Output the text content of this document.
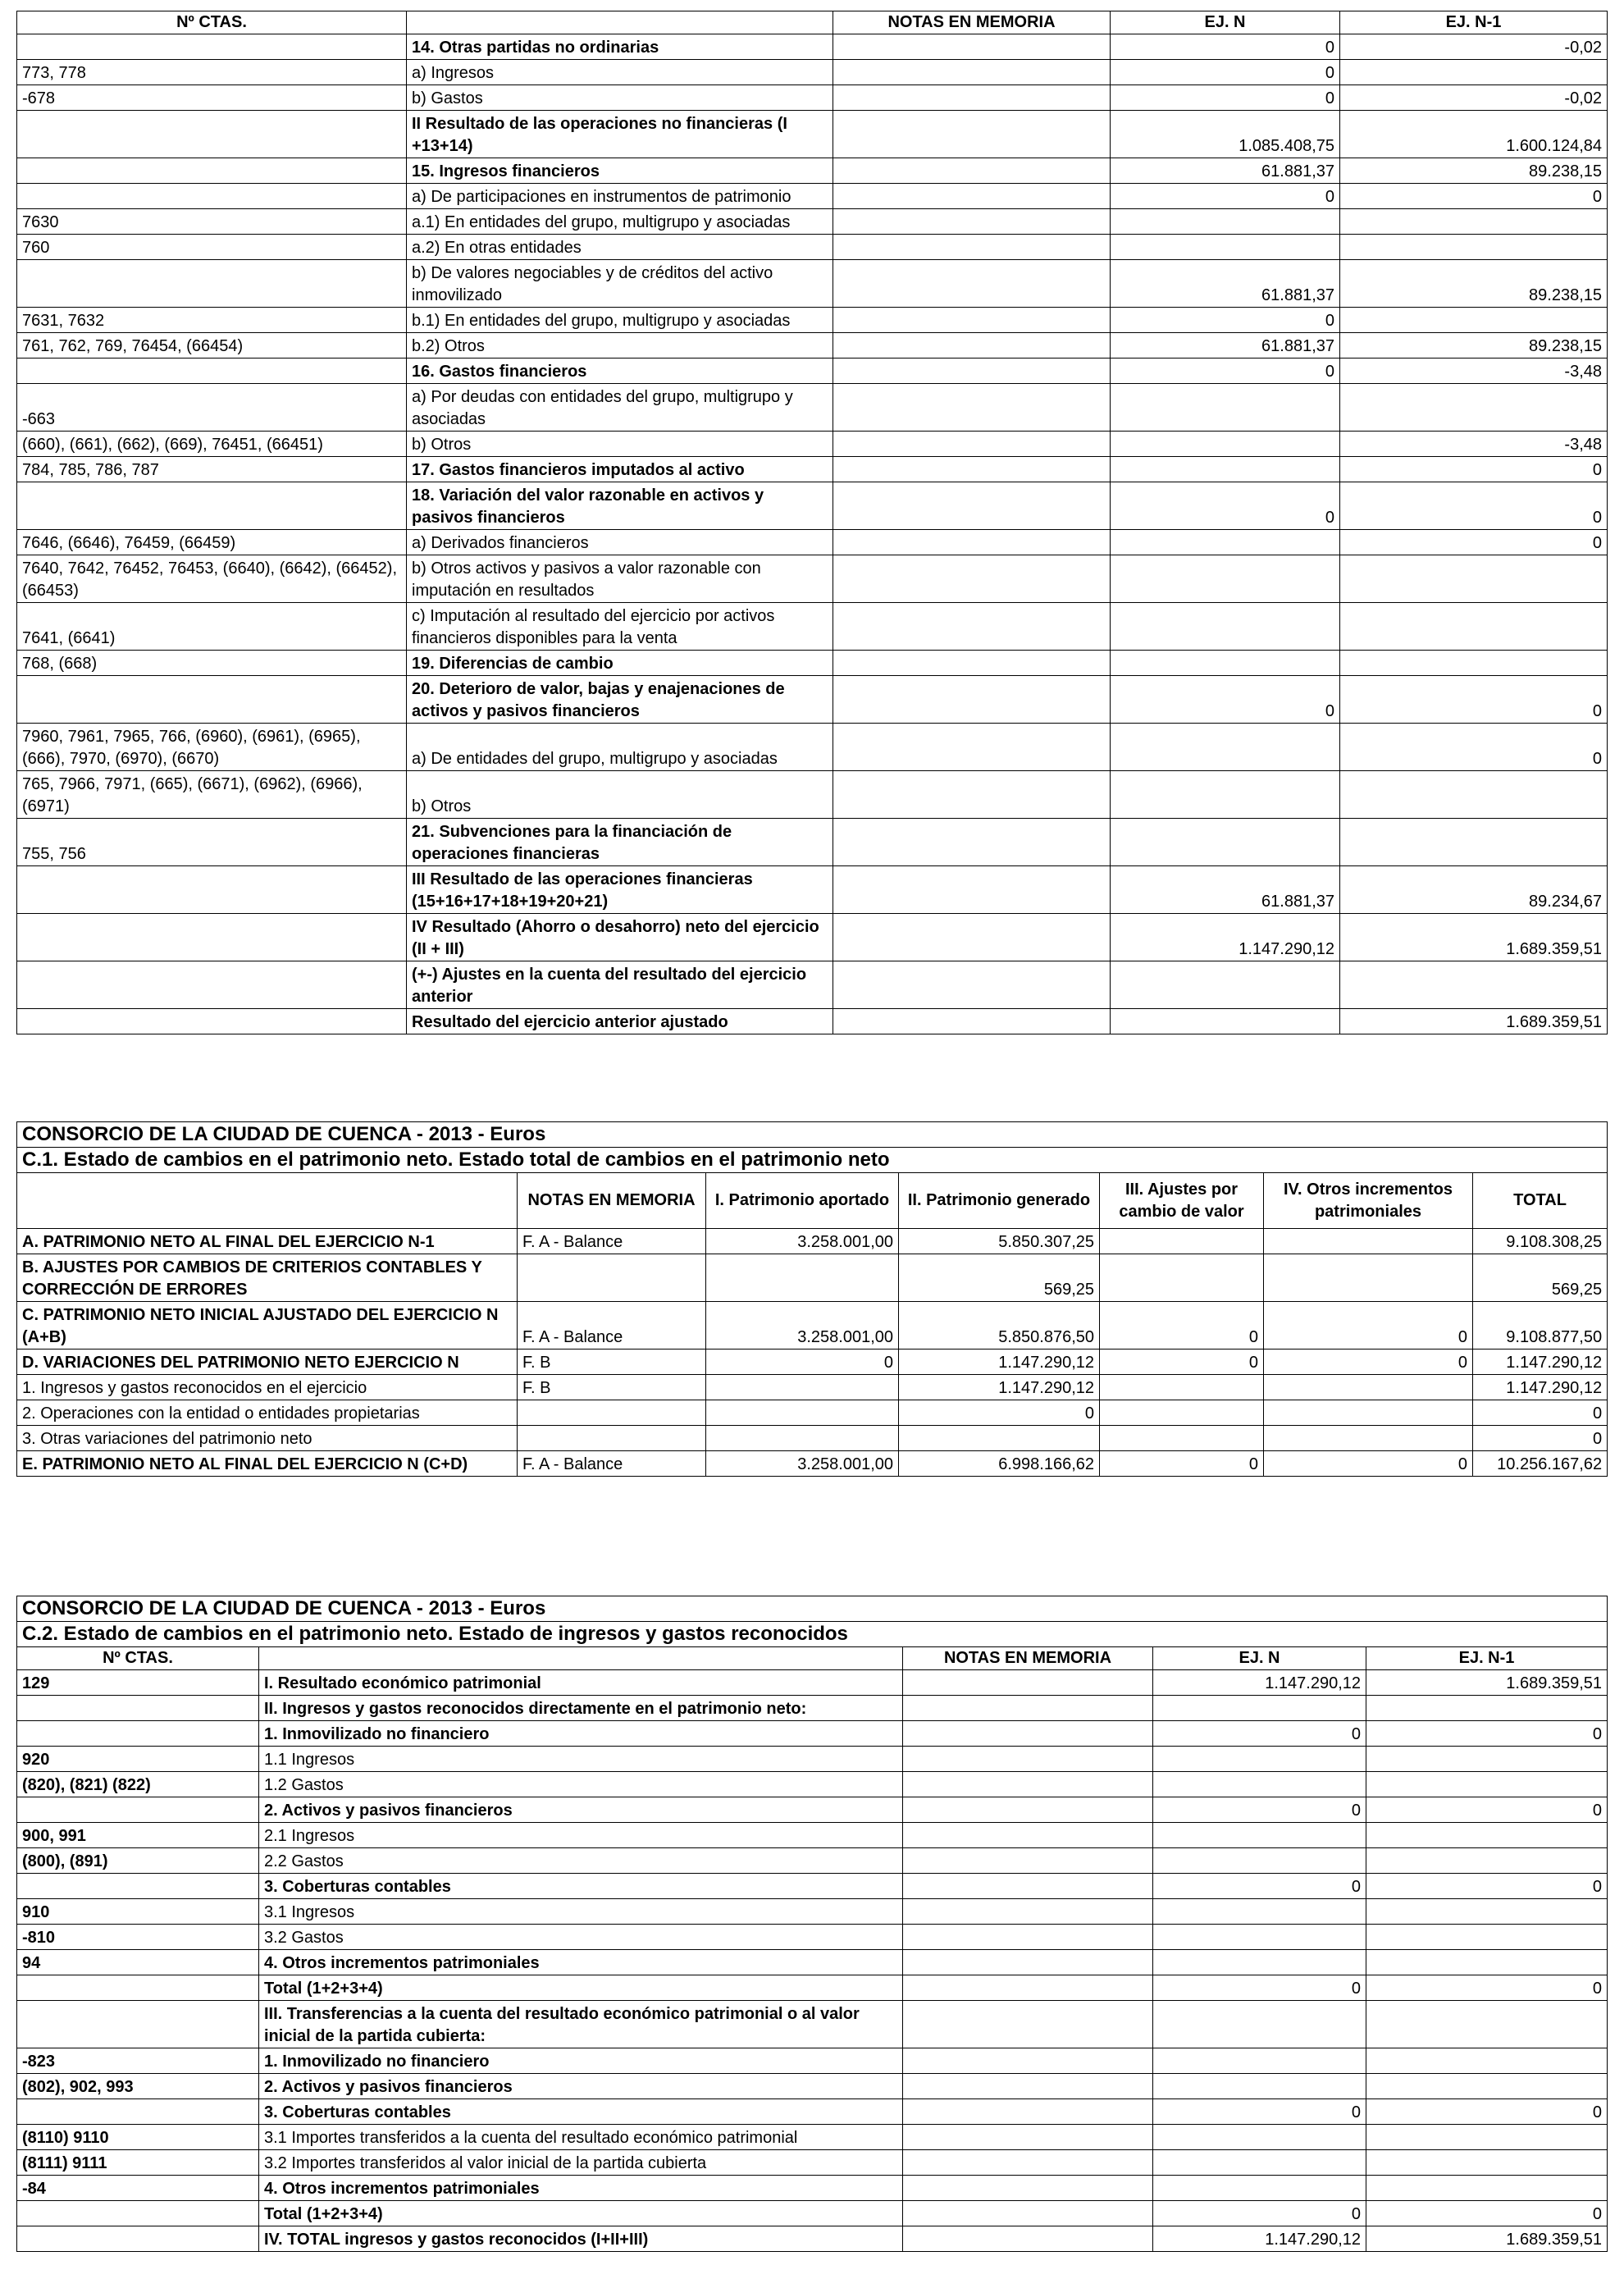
Nº CTAS.		NOTAS EN MEMORIA	EJ. N	EJ. N-1
	14. Otras partidas no ordinarias		0	-0,02
773, 778	a) Ingresos		0	
-678	b) Gastos		0	-0,02
	II Resultado de las operaciones no financieras (I +13+14)		1.085.408,75	1.600.124,84
	15. Ingresos financieros		61.881,37	89.238,15
	a) De participaciones en instrumentos de patrimonio		0	0
7630	a.1) En entidades del grupo, multigrupo y asociadas			
760	a.2) En otras entidades			
	b) De valores negociables y de créditos del activo inmovilizado		61.881,37	89.238,15
7631, 7632	b.1) En entidades del grupo, multigrupo y asociadas		0	
761, 762, 769, 76454, (66454)	b.2) Otros		61.881,37	89.238,15
	16. Gastos financieros		0	-3,48
-663	a) Por deudas con entidades del grupo, multigrupo y asociadas			
(660), (661), (662), (669), 76451, (66451)	b) Otros			-3,48
784, 785, 786, 787	17. Gastos financieros imputados al activo			0
	18. Variación del valor razonable en activos y pasivos financieros		0	0
7646, (6646), 76459, (66459)	a) Derivados financieros			0
7640, 7642, 76452, 76453, (6640), (6642), (66452), (66453)	b) Otros activos y pasivos a valor razonable con imputación en resultados			
7641, (6641)	c) Imputación al resultado del ejercicio por activos financieros disponibles para la venta			
768, (668)	19. Diferencias de cambio			
	20. Deterioro de valor, bajas y enajenaciones de activos y pasivos financieros		0	0
7960, 7961, 7965, 766, (6960), (6961), (6965), (666), 7970, (6970), (6670)	a) De entidades del grupo, multigrupo y asociadas			0
765, 7966, 7971, (665), (6671), (6962), (6966), (6971)	b) Otros			
755, 756	21. Subvenciones para la financiación de operaciones financieras			
	III Resultado de las operaciones financieras (15+16+17+18+19+20+21)		61.881,37	89.234,67
	IV Resultado (Ahorro o desahorro) neto del ejercicio (II + III)		1.147.290,12	1.689.359,51
	(+-) Ajustes en la cuenta del resultado del ejercicio anterior			
	Resultado del ejercicio anterior ajustado			1.689.359,51
CONSORCIO DE LA CIUDAD DE CUENCA - 2013 - Euros						
C.1. Estado de cambios en el patrimonio neto. Estado total de cambios en el patrimonio neto						
	NOTAS EN MEMORIA	I. Patrimonio aportado	II. Patrimonio generado	III. Ajustes por cambio de valor	IV. Otros incrementos patrimoniales	TOTAL
A. PATRIMONIO NETO AL FINAL DEL EJERCICIO N-1	F. A - Balance	3.258.001,00	5.850.307,25			9.108.308,25
B. AJUSTES POR CAMBIOS DE CRITERIOS CONTABLES Y CORRECCIÓN DE ERRORES			569,25			569,25
C. PATRIMONIO NETO INICIAL AJUSTADO DEL EJERCICIO N (A+B)	F. A - Balance	3.258.001,00	5.850.876,50	0	0	9.108.877,50
D. VARIACIONES DEL PATRIMONIO NETO EJERCICIO N	F. B	0	1.147.290,12	0	0	1.147.290,12
1. Ingresos y gastos reconocidos en el ejercicio	F. B		1.147.290,12			1.147.290,12
2. Operaciones con la entidad o entidades propietarias			0			0
3. Otras variaciones del patrimonio neto						0
E. PATRIMONIO NETO AL FINAL DEL EJERCICIO N (C+D)	F. A - Balance	3.258.001,00	6.998.166,62	0	0	10.256.167,62
CONSORCIO DE LA CIUDAD DE CUENCA - 2013 - Euros				
C.2. Estado de cambios en el patrimonio neto. Estado de ingresos y gastos reconocidos				
Nº CTAS.		NOTAS EN MEMORIA	EJ. N	EJ. N-1
129	I. Resultado económico patrimonial		1.147.290,12	1.689.359,51
	II. Ingresos y gastos reconocidos directamente en el patrimonio neto:			
	1. Inmovilizado no financiero		0	0
920	1.1 Ingresos			
(820), (821) (822)	1.2 Gastos			
	2. Activos y pasivos financieros		0	0
900, 991	2.1 Ingresos			
(800), (891)	2.2 Gastos			
	3. Coberturas contables		0	0
910	3.1 Ingresos			
-810	3.2 Gastos			
94	4. Otros incrementos patrimoniales			
	Total (1+2+3+4)		0	0
	III. Transferencias a la cuenta del resultado económico patrimonial o al valor inicial de la partida cubierta:			
-823	1. Inmovilizado no financiero			
(802), 902, 993	2. Activos y pasivos financieros			
	3. Coberturas contables		0	0
(8110) 9110	3.1 Importes transferidos a la cuenta del resultado económico patrimonial			
(8111) 9111	3.2 Importes transferidos al valor inicial de la partida cubierta			
-84	4. Otros incrementos patrimoniales			
	Total (1+2+3+4)		0	0
	IV. TOTAL ingresos y gastos reconocidos (I+II+III)		1.147.290,12	1.689.359,51
